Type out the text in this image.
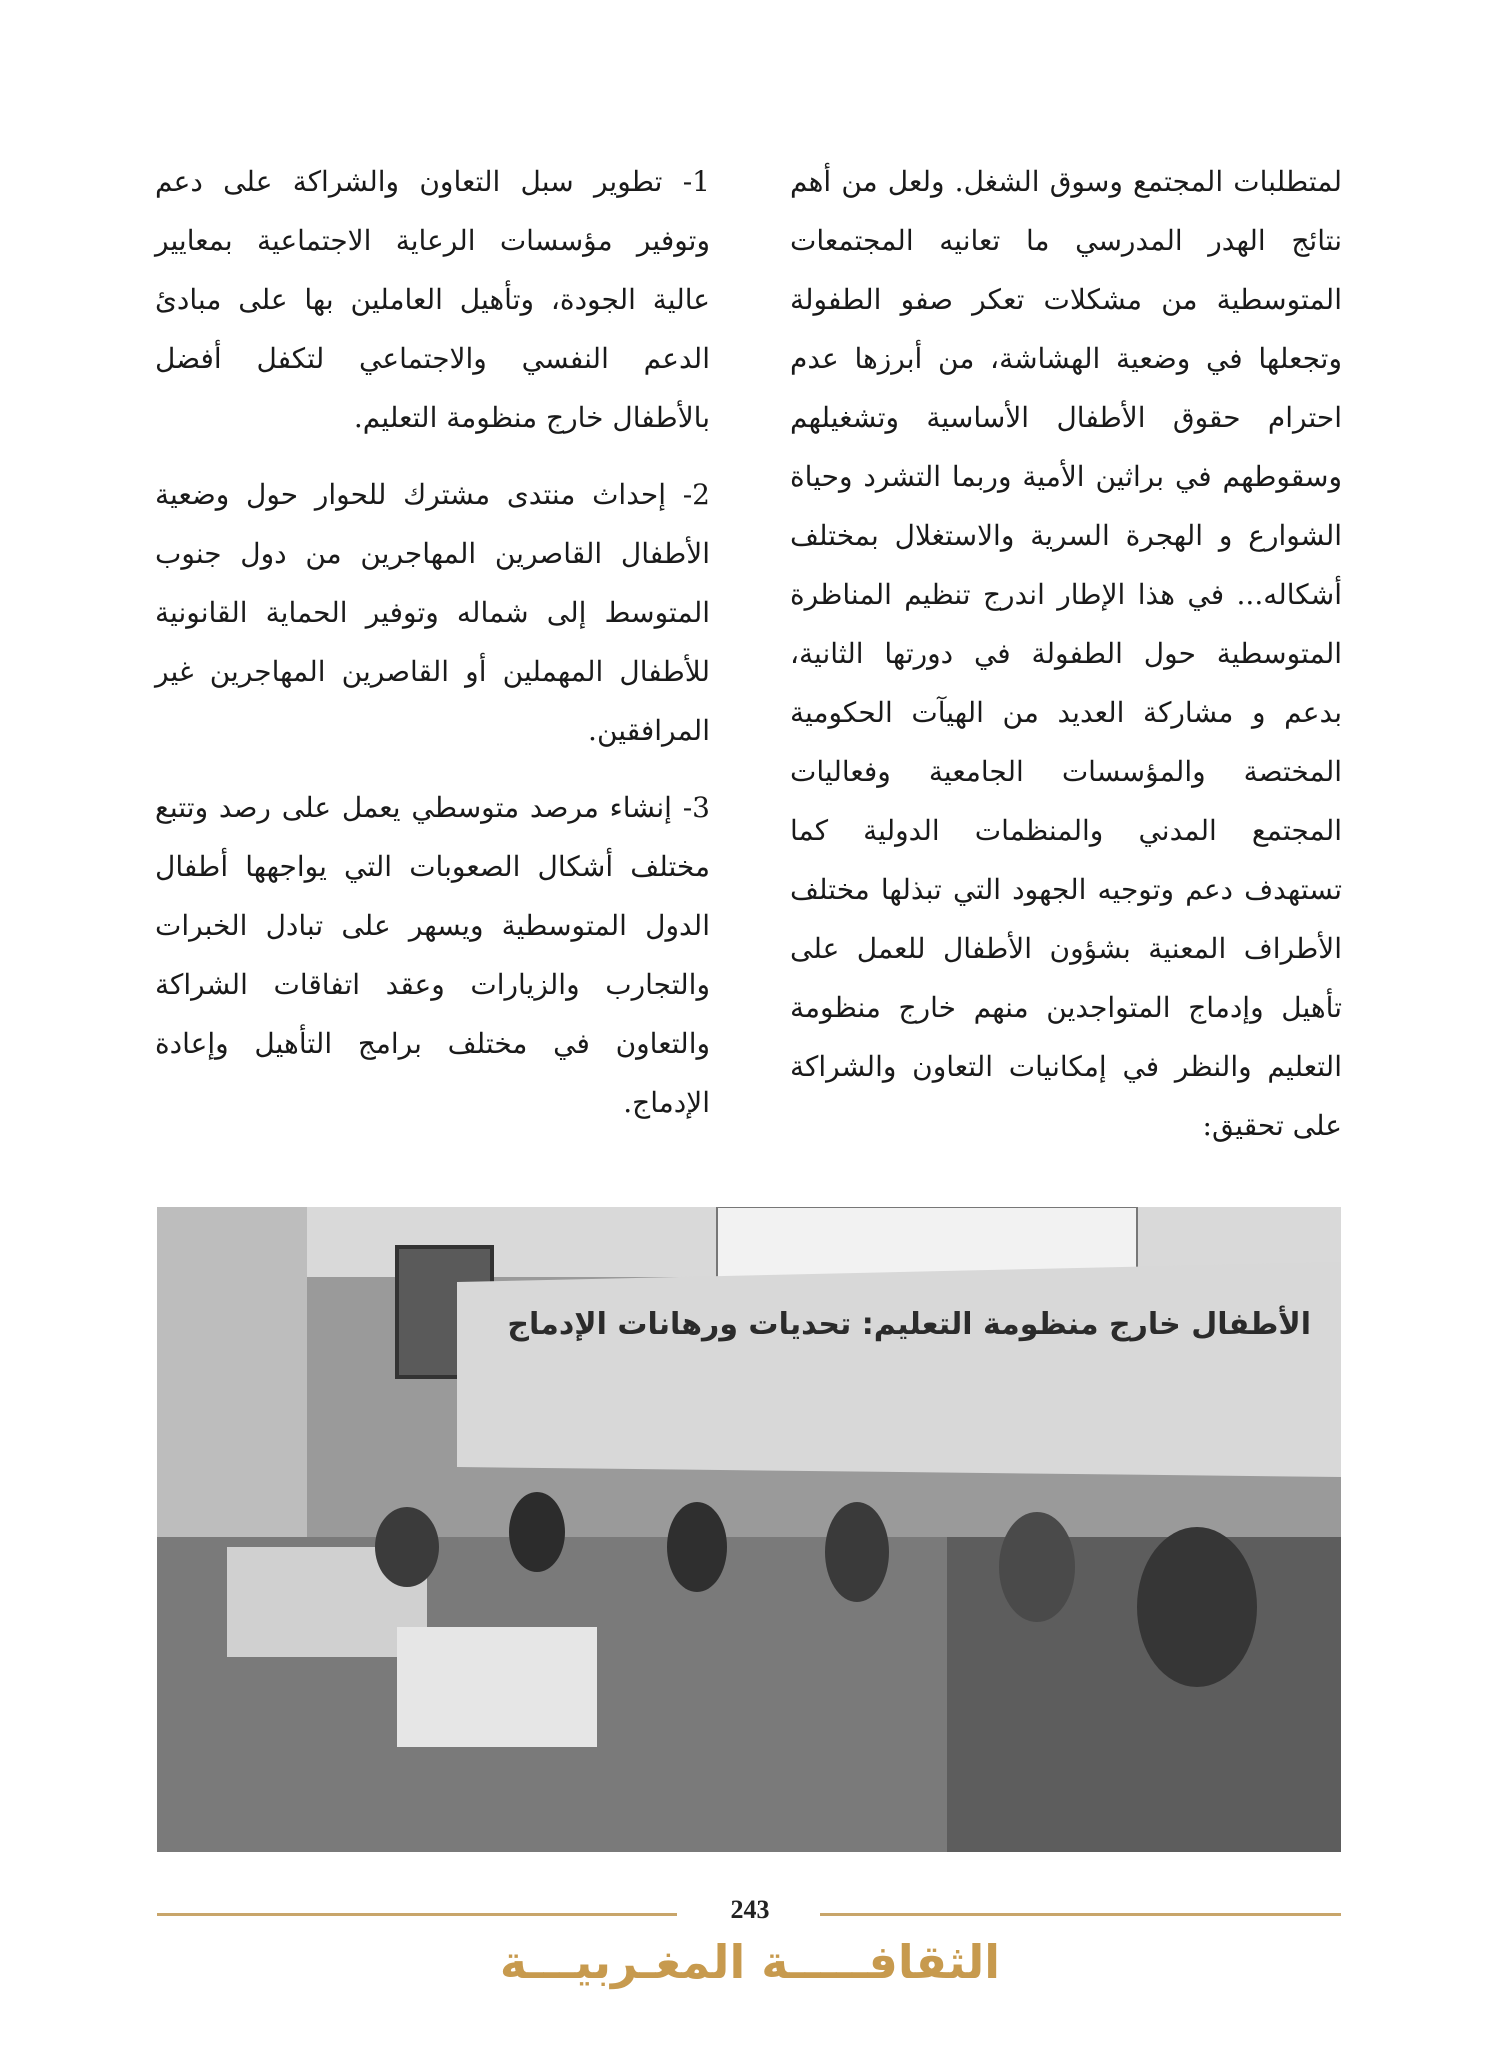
لمتطلبات المجتمع وسوق الشغل. ولعل من أهم نتائج الهدر المدرسي ما تعانيه المجتمعات المتوسطية من مشكلات تعكر صفو الطفولة وتجعلها في وضعية الهشاشة، من أبرزها عدم احترام حقوق الأطفال الأساسية وتشغيلهم وسقوطهم في براثين الأمية وربما التشرد وحياة الشوارع و الهجرة السرية والاستغلال بمختلف أشكاله... في هذا الإطار اندرج تنظيم المناظرة المتوسطية حول الطفولة في دورتها الثانية، بدعم و مشاركة العديد من الهيآت الحكومية المختصة والمؤسسات الجامعية وفعاليات المجتمع المدني والمنظمات الدولية كما تستهدف دعم وتوجيه الجهود التي تبذلها مختلف الأطراف المعنية بشؤون الأطفال للعمل على تأهيل وإدماج المتواجدين منهم خارج منظومة التعليم والنظر في إمكانيات التعاون والشراكة على تحقيق:

1- تطوير سبل التعاون والشراكة على دعم وتوفير مؤسسات الرعاية الاجتماعية بمعايير عالية الجودة، وتأهيل العاملين بها على مبادئ الدعم النفسي والاجتماعي لتكفل أفضل بالأطفال خارج منظومة التعليم.

2- إحداث منتدى مشترك للحوار حول وضعية الأطفال القاصرين المهاجرين من دول جنوب المتوسط إلى شماله وتوفير الحماية القانونية للأطفال المهملين أو القاصرين المهاجرين غير المرافقين.

3- إنشاء مرصد متوسطي يعمل على رصد وتتبع مختلف أشكال الصعوبات التي يواجهها أطفال الدول المتوسطية ويسهر على تبادل الخبرات والتجارب والزيارات وعقد اتفاقات الشراكة والتعاون في مختلف برامج التأهيل وإعادة الإدماج.

الأطفال خارج منظومة التعليم: تحديات ورهانات الإدماج
243
الثقافـــــة المغـربيـــة
